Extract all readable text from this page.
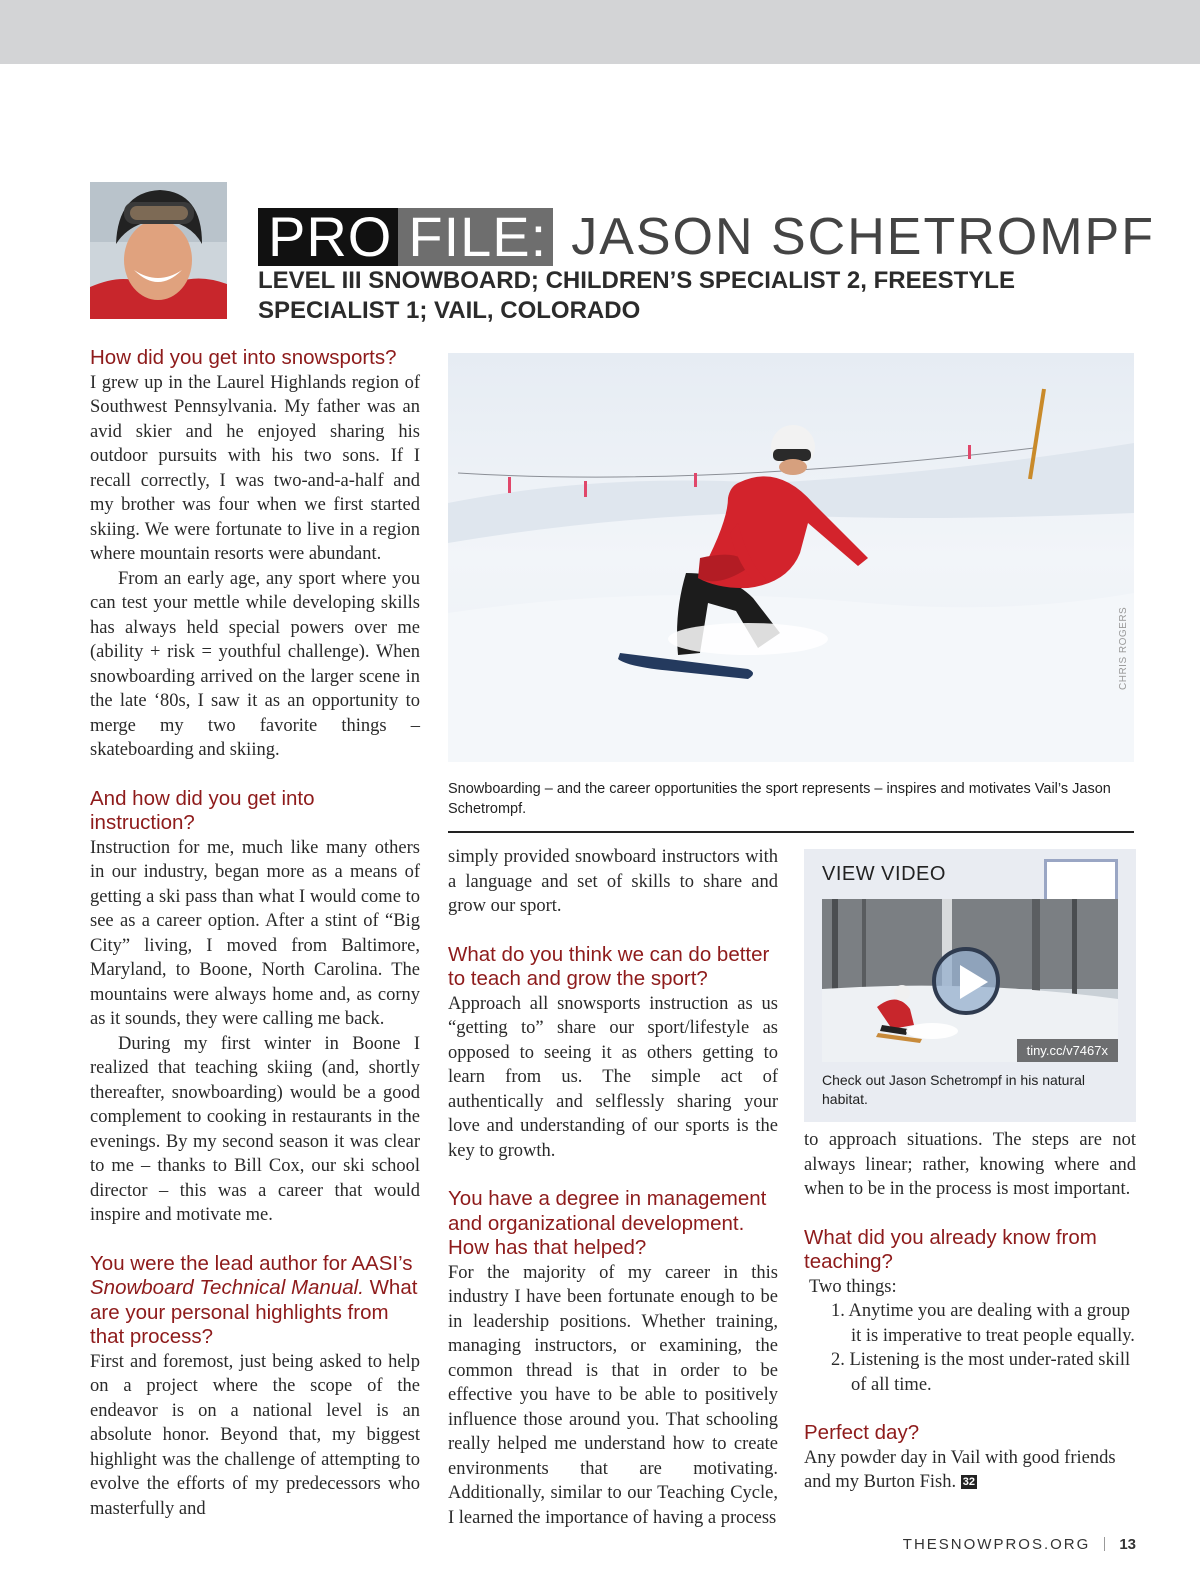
PRO FILE: JASON SCHETROMPF
LEVEL III SNOWBOARD; CHILDREN’S SPECIALIST 2, FREESTYLE SPECIALIST 1; VAIL, COLORADO
How did you get into snowsports?

I grew up in the Laurel Highlands region of Southwest Pennsylvania. My father was an avid skier and he enjoyed sharing his outdoor pursuits with his two sons. If I recall correctly, I was two-and-a-half and my brother was four when we first started skiing. We were fortunate to live in a region where mountain resorts were abundant.

From an early age, any sport where you can test your mettle while developing skills has always held special powers over me (ability + risk = youthful challenge). When snowboarding arrived on the larger scene in the late ‘80s, I saw it as an opportunity to merge my two favorite things – skateboarding and skiing.

And how did you get into instruction?

Instruction for me, much like many others in our industry, began more as a means of getting a ski pass than what I would come to see as a career option. After a stint of “Big City” living, I moved from Baltimore, Maryland, to Boone, North Carolina. The mountains were always home and, as corny as it sounds, they were calling me back.

During my first winter in Boone I realized that teaching skiing (and, shortly thereafter, snowboarding) would be a good complement to cooking in restaurants in the evenings. By my second season it was clear to me – thanks to Bill Cox, our ski school director – this was a career that would inspire and motivate me.

You were the lead author for AASI’s Snowboard Technical Manual. What are your personal highlights from that process?

First and foremost, just being asked to help on a project where the scope of the endeavor is on a national level is an absolute honor. Beyond that, my biggest highlight was the challenge of attempting to evolve the efforts of my predecessors who masterfully and

CHRIS ROGERS
Snowboarding – and the career opportunities the sport represents – inspires and motivates Vail’s Jason Schetrompf.

simply provided snowboard instructors with a language and set of skills to share and grow our sport.

What do you think we can do better to teach and grow the sport?

Approach all snowsports instruction as us “getting to” share our sport/lifestyle as opposed to seeing it as others getting to learn from us. The simple act of authentically and selflessly sharing your love and understanding of our sports is the key to growth.

You have a degree in management and organizational development. How has that helped?

For the majority of my career in this industry I have been fortunate enough to be in leadership positions. Whether training, managing instructors, or examining, the common thread is that in order to be effective you have to be able to positively influence those around you. That schooling really helped me understand how to create environments that are motivating. Additionally, similar to our Teaching Cycle, I learned the importance of having a process

VIEW VIDEO
tiny.cc/v7467x
Check out Jason Schetrompf in his natural habitat.

to approach situations. The steps are not always linear; rather, knowing where and when to be in the process is most important.

What did you already know from teaching?

Two things:

1. Anytime you are dealing with a group it is imperative to treat people equally.
2. Listening is the most under-rated skill of all time.
Perfect day?

Any powder day in Vail with good friends and my Burton Fish. 32

THESNOWPROS.ORG 13
